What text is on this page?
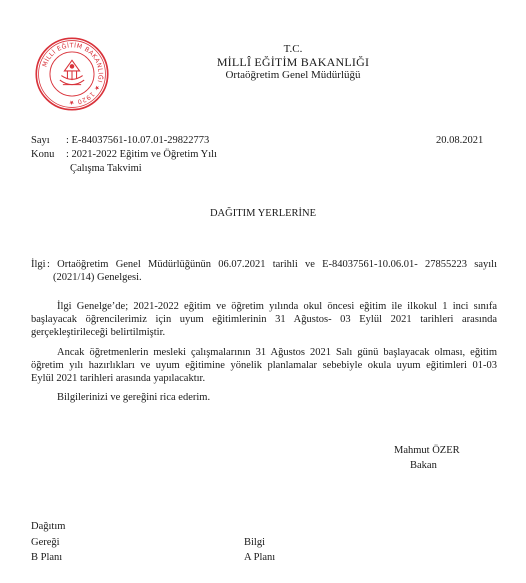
MİLLİ EĞİTİM BAKANLIĞI ★ 1920 ★
T.C.
MİLLÎ EĞİTİM BAKANLIĞI
Ortaöğretim Genel Müdürlüğü
Sayı : E-84037561-10.07.01-29822773	20.08.2021
Konu : 2021-2022 Eğitim ve Öğretim Yılı
Çalışma Takvimi
DAĞITIM YERLERİNE
İlgi : Ortaöğretim Genel Müdürlüğünün 06.07.2021 tarihli ve E-84037561-10.06.01- 27855223 sayılı
(2021/14) Genelgesi.
İlgi Genelge’de; 2021-2022 eğitim ve öğretim yılında okul öncesi eğitim ile ilkokul 1 inci sınıfa
başlayacak öğrencilerimiz için uyum eğitimlerinin 31 Ağustos- 03 Eylül 2021 tarihleri arasında
gerçekleştirileceği belirtilmiştir.
Ancak öğretmenlerin mesleki çalışmalarının 31 Ağustos 2021 Salı günü başlayacak olması, eğitim
öğretim yılı hazırlıkları ve uyum eğitimine yönelik planlamalar sebebiyle okula uyum eğitimleri 01-03
Eylül 2021 tarihleri arasında yapılacaktır.
Bilgilerinizi ve gereğini rica ederim.
Mahmut ÖZER
Bakan
Dağıtım
Gereği
B Planı
Bilgi
A Planı
